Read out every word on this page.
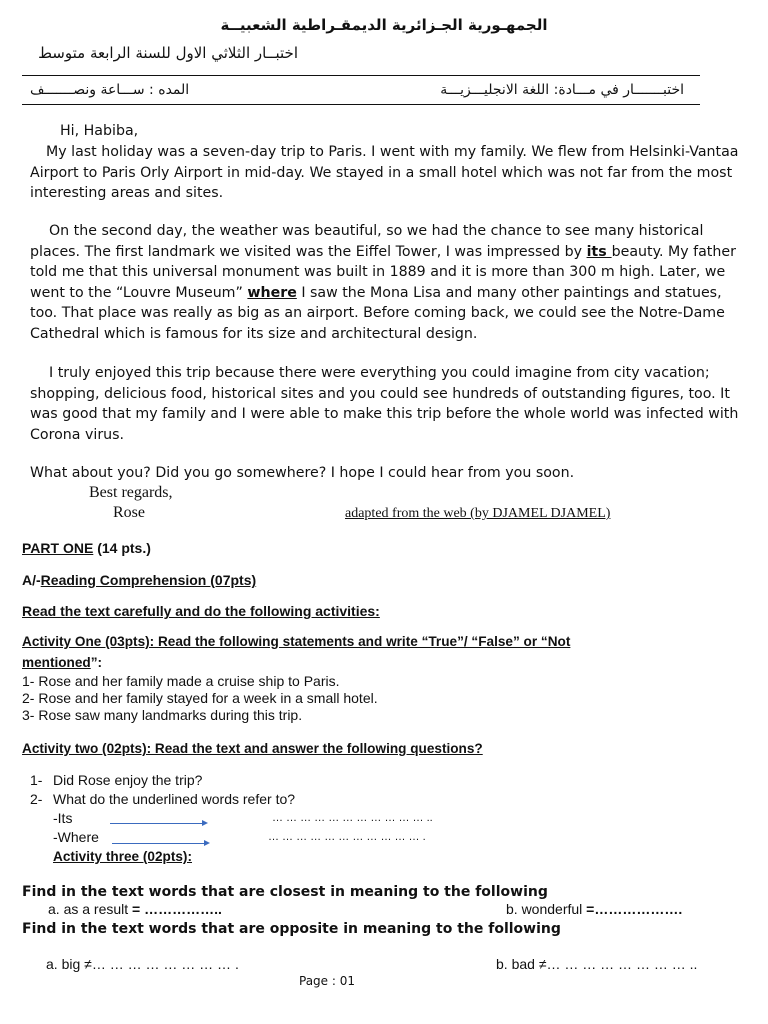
الجمهـورية الجـزائرية الديمقـراطية الشعبيــة
اختبــار الثلاثي الاول للسنة الرابعة متوسط
اختبـــــــار في مـــادة: اللغة الانجليـــزيـــة
المده : ســـاعة ونصـــــــف
Hi, Habiba,
My last holiday was a seven-day trip to Paris. I went with my family. We flew from Helsinki-Vantaa Airport to Paris Orly Airport in mid-day. We stayed in a small hotel which was not far from the most interesting areas and sites.
On the second day, the weather was beautiful, so we had the chance to see many historical places. The first landmark we visited was the Eiffel Tower, I was impressed by its beauty. My father told me that this universal monument was built in 1889 and it is more than 300 m high. Later, we went to the “Louvre Museum” where I saw the Mona Lisa and many other paintings and statues, too. That place was really as big as an airport. Before coming back, we could see the Notre-Dame Cathedral which is famous for its size and architectural design.
I truly enjoyed this trip because there were everything you could imagine from city vacation; shopping, delicious food, historical sites and you could see hundreds of outstanding figures, too. It was good that my family and I were able to make this trip before the whole world was infected with Corona virus.
What about you? Did you go somewhere? I hope I could hear from you soon.
Best regards,
Rose	adapted from the web (by DJAMEL DJAMEL)
PART ONE (14 pts.)
A/-Reading Comprehension (07pts)
Read the text carefully and do the following activities:
Activity One (03pts): Read the following statements and write “True”/ “False” or “Not
mentioned”:
1- Rose and her family made a cruise ship to Paris.
2- Rose and her family stayed for a week in a small hotel.
3- Rose saw many landmarks during this trip.
Activity two (02pts): Read the text and answer the following questions?
1- Did Rose enjoy the trip?
2- What do the underlined words refer to?
-Its	… … … … … … … … … … … ..
-Where	… … … … … … … … … … … .
Activity three (02pts):
Find in the text words that are closest in meaning to the following
a. as a result = ……………..	b. wonderful =……………….
Find in the text words that are opposite in meaning to the following
a. big ≠… … … … … … … … .	b. bad ≠… … … … … … … … ..
Page : 01
